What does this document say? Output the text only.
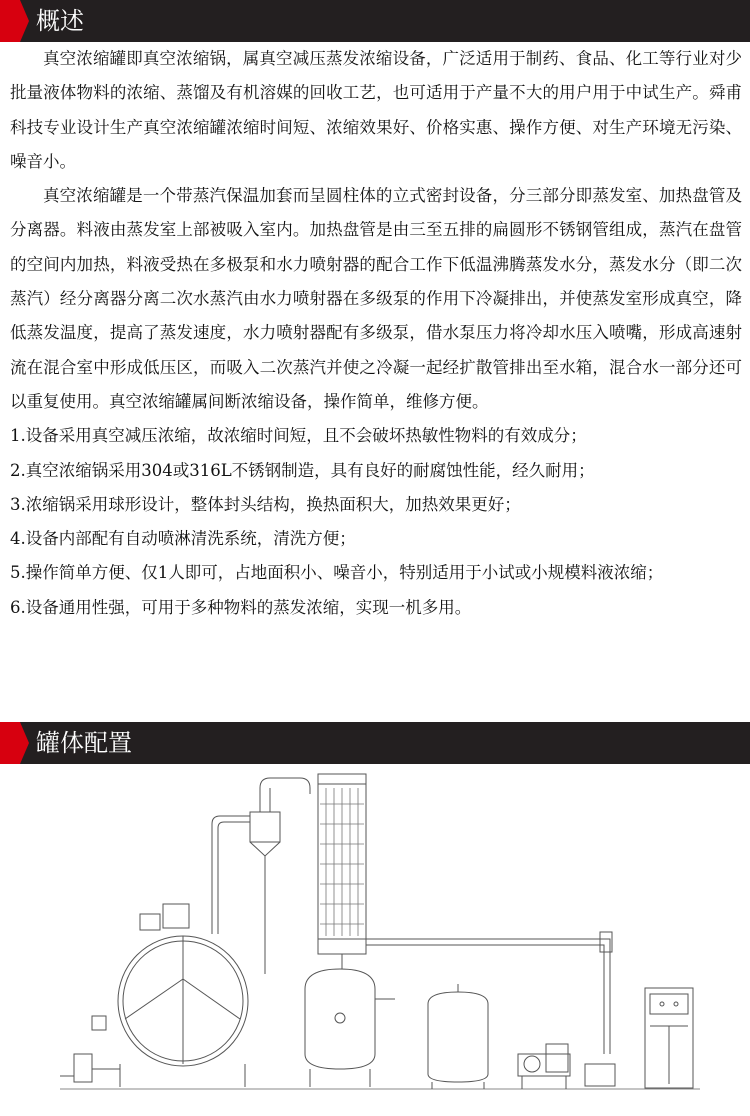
概述

真空浓缩罐即真空浓缩锅，属真空减压蒸发浓缩设备，广泛适用于制药、食品、化工等行业对少批量液体物料的浓缩、蒸馏及有机溶媒的回收工艺，也可适用于产量不大的用户用于中试生产。舜甫科技专业设计生产真空浓缩罐浓缩时间短、浓缩效果好、价格实惠、操作方便、对生产环境无污染、噪音小。

真空浓缩罐是一个带蒸汽保温加套而呈圆柱体的立式密封设备，分三部分即蒸发室、加热盘管及分离器。料液由蒸发室上部被吸入室内。加热盘管是由三至五排的扁圆形不锈钢管组成，蒸汽在盘管的空间内加热，料液受热在多极泵和水力喷射器的配合工作下低温沸腾蒸发水分，蒸发水分（即二次蒸汽）经分离器分离二次水蒸汽由水力喷射器在多级泵的作用下冷凝排出，并使蒸发室形成真空，降低蒸发温度，提高了蒸发速度，水力喷射器配有多级泵，借水泵压力将冷却水压入喷嘴，形成高速射流在混合室中形成低压区，而吸入二次蒸汽并使之冷凝一起经扩散管排出至水箱，混合水一部分还可以重复使用。真空浓缩罐属间断浓缩设备，操作简单，维修方便。

1.设备采用真空减压浓缩，故浓缩时间短，且不会破坏热敏性物料的有效成分；

2.真空浓缩锅采用304或316L不锈钢制造，具有良好的耐腐蚀性能，经久耐用；

3.浓缩锅采用球形设计，整体封头结构，换热面积大，加热效果更好；

4.设备内部配有自动喷淋清洗系统，清洗方便；

5.操作简单方便、仅1人即可，占地面积小、噪音小，特别适用于小试或小规模料液浓缩；

6.设备通用性强，可用于多种物料的蒸发浓缩，实现一机多用。

罐体配置
